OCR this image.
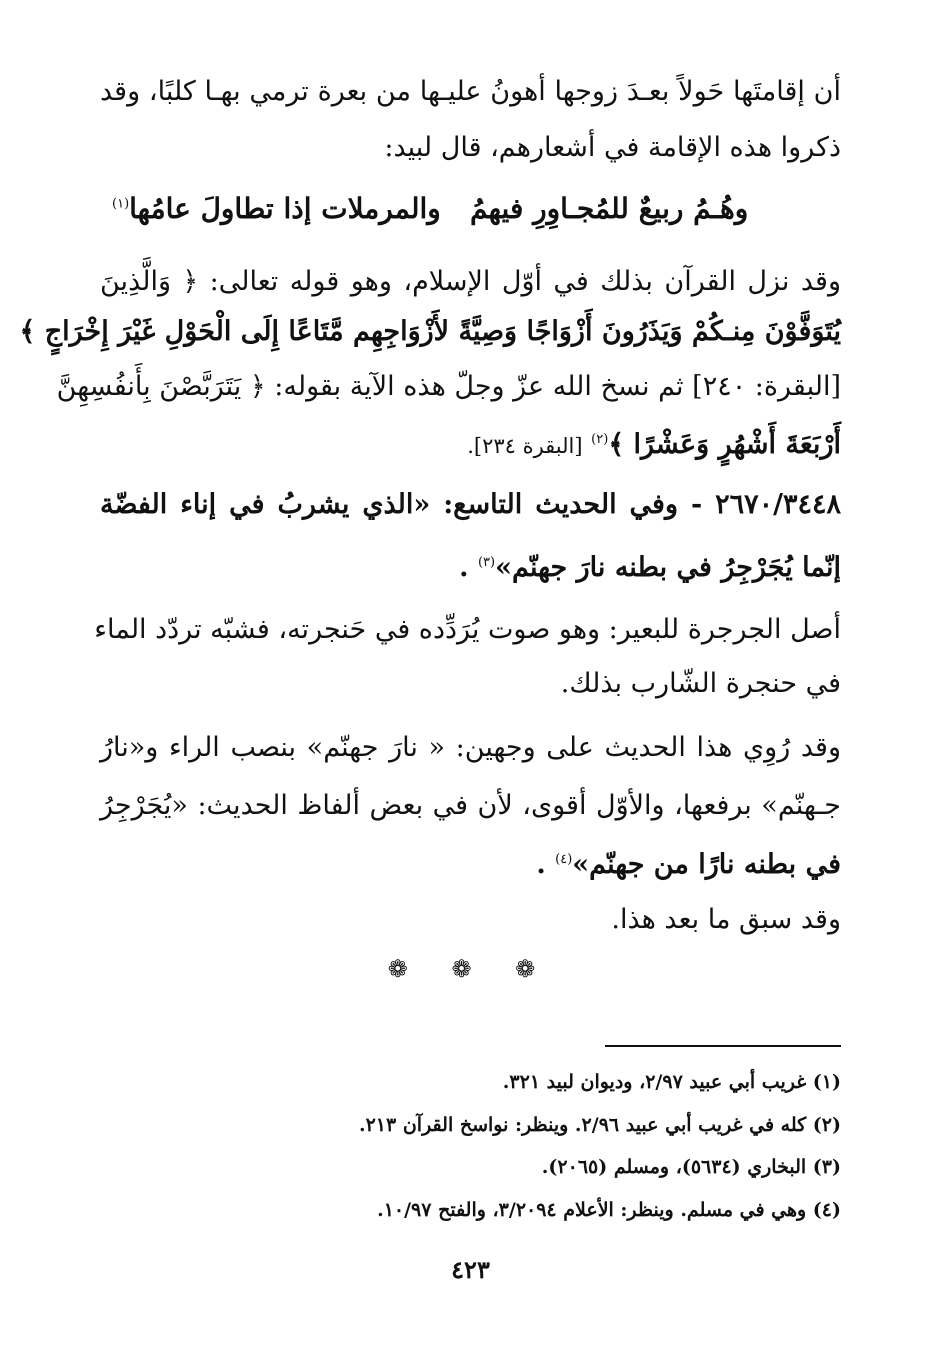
أن إقامتَها حَولاً بعـدَ زوجها أهونُ عليـها من بعرة ترمي بهـا كلبًا، وقد
ذكروا هذه الإقامة في أشعارهم، قال لبيد:
وهُـمُ ربيعٌ للمُجـاوِرِ فيهمُ
والمرملات إذا تطاولَ عامُها$^{(١)}$
وقد نزل القرآن بذلك في أوّل الإسلام، وهو قوله تعالى: ﴿ وَالَّذِينَ
يُتَوَفَّوْنَ مِنـكُمْ وَيَذَرُونَ أَزْوَاجًا وَصِيَّةً لأَزْوَاجِهِم مَّتَاعًا إِلَى الْحَوْلِ غَيْرَ إِخْرَاجٍ ﴾
[البقرة: ٢٤٠] ثم نسخ الله عزّ وجلّ هذه الآية بقوله: ﴿ يَتَرَبَّصْنَ بِأَنفُسِهِنَّ
أَرْبَعَةَ أَشْهُرٍ وَعَشْرًا ﴾$^{(٢)}$ [البقرة ٢٣٤].
٢٦٧٠/٣٤٤٨ - وفي الحديث التاسع: «الذي يشربُ في إناء الفضّة
إنّما يُجَرْجِرُ في بطنه نارَ جهنّم»$^{(٣)}$ .
أصل الجرجرة للبعير: وهو صوت يُرَدِّده في حَنجرته، فشبّه تردّد الماء
في حنجرة الشّارب بذلك.
وقد رُوِي هذا الحديث على وجهين: « نارَ جهنّم» بنصب الراء و«نارُ
جـهنّم» برفعها، والأوّل أقوى، لأن في بعض ألفاظ الحديث: «يُجَرْجِرُ
في بطنه نارًا من جهنّم»$^{(٤)}$ .
وقد سبق ما بعد هذا.
❁ ❁ ❁
(١) غريب أبي عبيد ٢/٩٧، وديوان لبيد ٣٢١.
(٢) كله في غريب أبي عبيد ٢/٩٦. وينظر: نواسخ القرآن ٢١٣.
(٣) البخاري (٥٦٣٤)، ومسلم (٢٠٦٥).
(٤) وهي في مسلم. وينظر: الأعلام ٣/٢٠٩٤، والفتح ١٠/٩٧.
٤٢٣
